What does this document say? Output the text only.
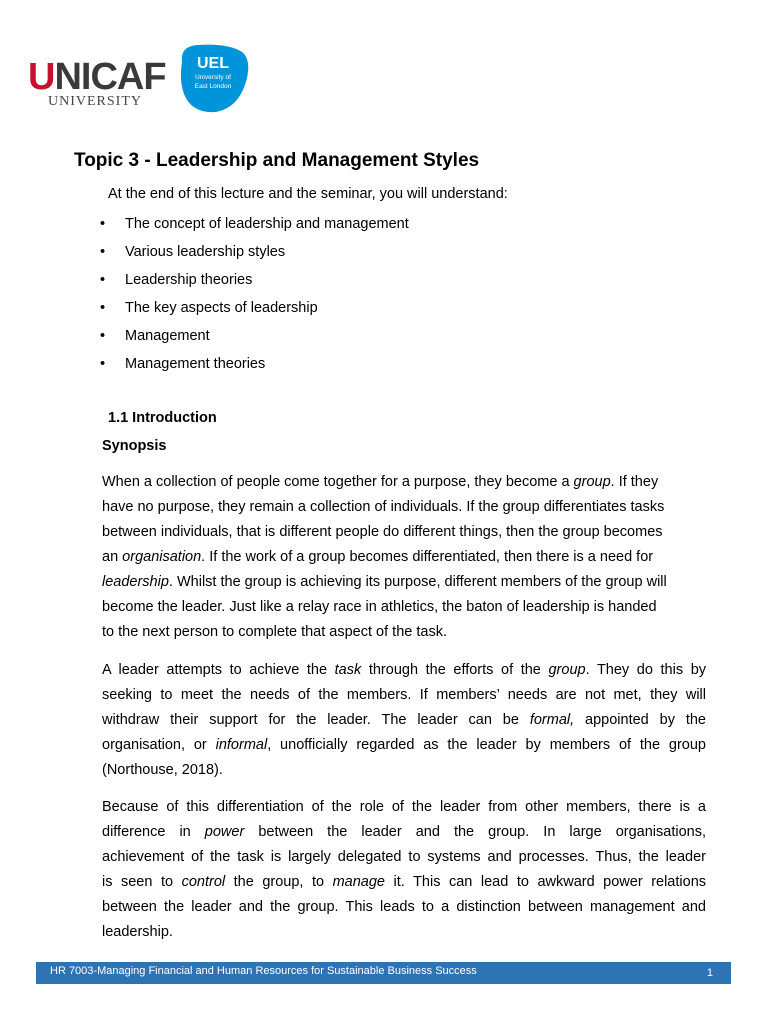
UNICAF
UNIVERSITY
UEL
University of
East London
Topic 3 - Leadership and Management Styles
At the end of this lecture and the seminar, you will understand:
• The concept of leadership and management
• Various leadership styles
• Leadership theories
• The key aspects of leadership
• Management
• Management theories
1.1 Introduction
Synopsis

When a collection of people come together for a purpose, they become a group. If they
have no purpose, they remain a collection of individuals. If the group differentiates tasks
between individuals, that is different people do different things, then the group becomes
an organisation. If the work of a group becomes differentiated, then there is a need for
leadership. Whilst the group is achieving its purpose, different members of the group will
become the leader. Just like a relay race in athletics, the baton of leadership is handed
to the next person to complete that aspect of the task.

A leader attempts to achieve the task through the efforts of the group. They do this by
seeking to meet the needs of the members. If members’ needs are not met, they will
withdraw their support for the leader. The leader can be formal, appointed by the
organisation, or informal, unofficially regarded as the leader by members of the group
(Northouse, 2018).

Because of this differentiation of the role of the leader from other members, there is a
difference in power between the leader and the group. In large organisations,
achievement of the task is largely delegated to systems and processes. Thus, the leader
is seen to control the group, to manage it. This can lead to awkward power relations
between the leader and the group. This leads to a distinction between management and
leadership.

HR 7003-Managing Financial and Human Resources for Sustainable Business Success	1
